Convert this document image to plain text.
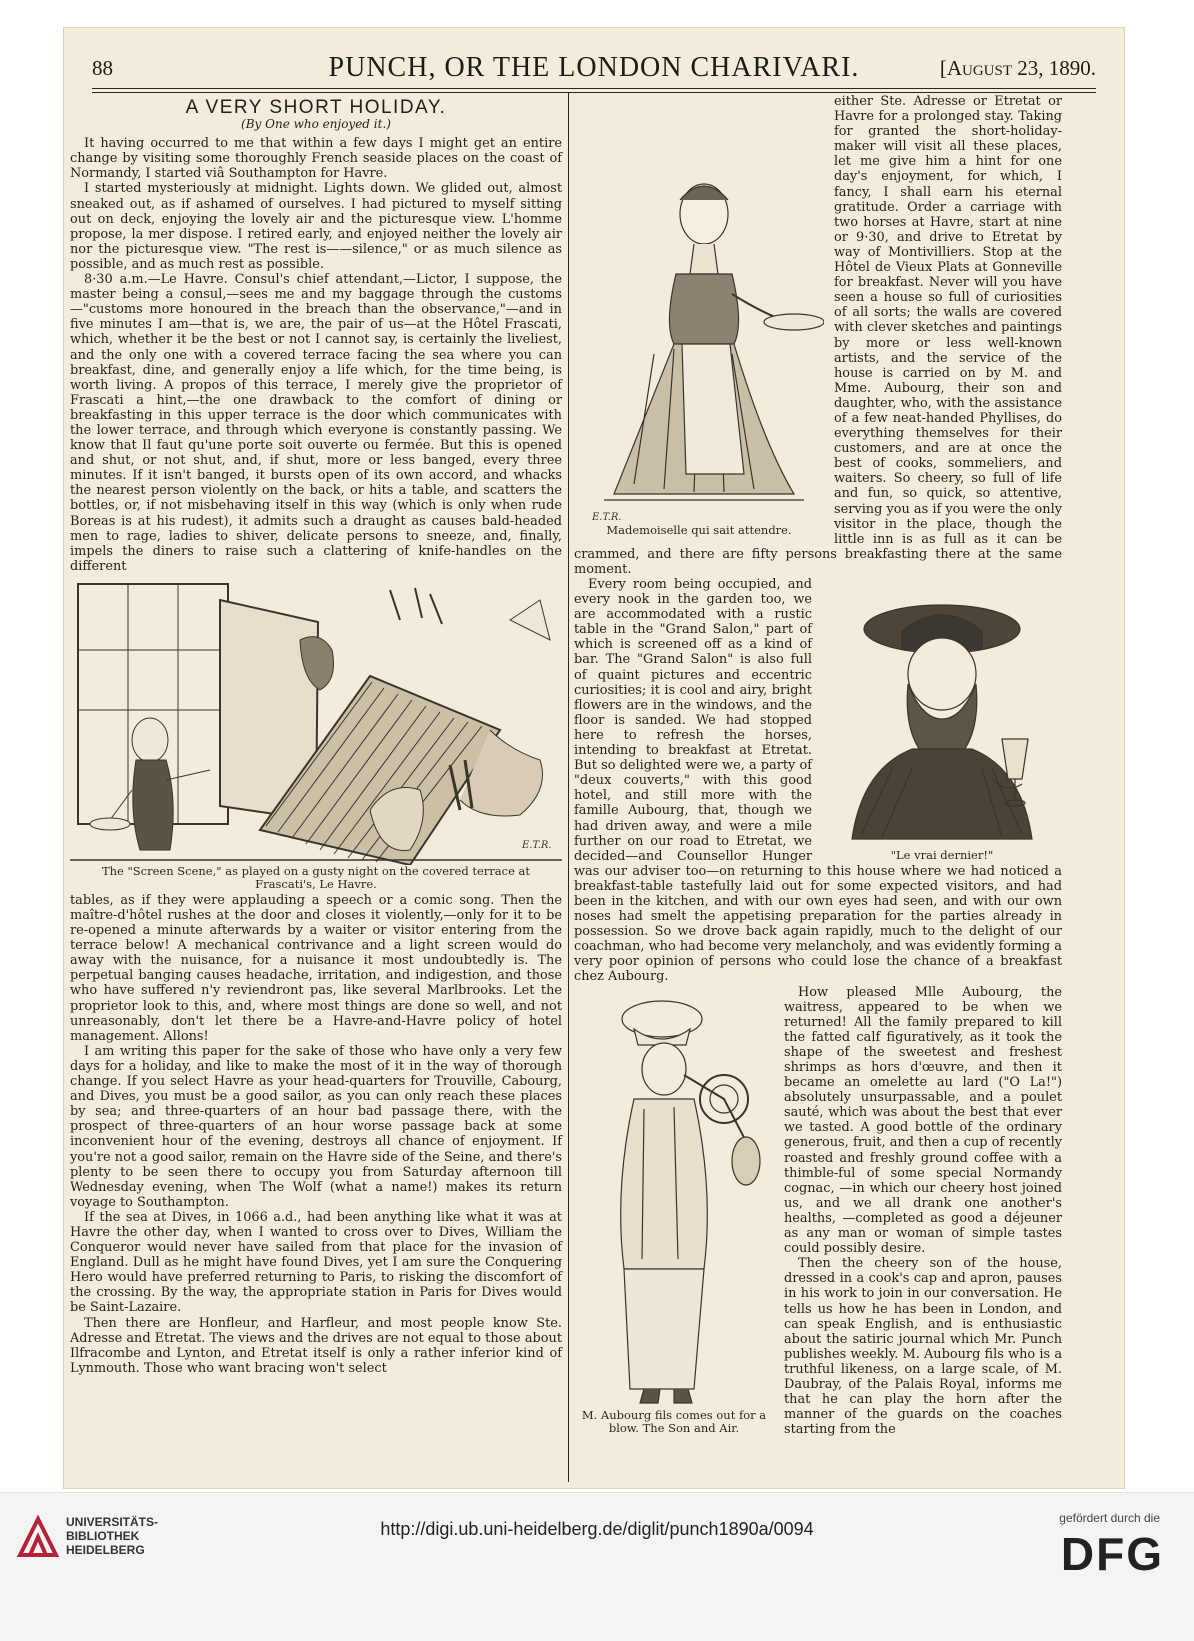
88	PUNCH, OR THE LONDON CHARIVARI.	[August 23, 1890.
A VERY SHORT HOLIDAY.
(By One who enjoyed it.)

It having occurred to me that within a few days I might get an entire change by visiting some thoroughly French seaside places on the coast of Normandy, I started viâ Southampton for Havre.

I started mysteriously at midnight. Lights down. We glided out, almost sneaked out, as if ashamed of ourselves. I had pictured to myself sitting out on deck, enjoying the lovely air and the picturesque view. L'homme propose, la mer dispose. I retired early, and enjoyed neither the lovely air nor the picturesque view. "The rest is——silence," or as much silence as possible, and as much rest as possible.

8·30 a.m.—Le Havre. Consul's chief attendant,—Lictor, I suppose, the master being a consul,—sees me and my baggage through the customs—"customs more honoured in the breach than the observance,"—and in five minutes I am—that is, we are, the pair of us—at the Hôtel Frascati, which, whether it be the best or not I cannot say, is certainly the liveliest, and the only one with a covered terrace facing the sea where you can breakfast, dine, and generally enjoy a life which, for the time being, is worth living. A propos of this terrace, I merely give the proprietor of Frascati a hint,—the one drawback to the comfort of dining or breakfasting in this upper terrace is the door which communicates with the lower terrace, and through which everyone is constantly passing. We know that Il faut qu'une porte soit ouverte ou fermée. But this is opened and shut, or not shut, and, if shut, more or less banged, every three minutes. If it isn't banged, it bursts open of its own accord, and whacks the nearest person violently on the back, or hits a table, and scatters the bottles, or, if not misbehaving itself in this way (which is only when rude Boreas is at his rudest), it admits such a draught as causes bald-headed men to rage, ladies to shiver, delicate persons to sneeze, and, finally, impels the diners to raise such a clattering of knife-handles on the different

E.T.R.
The "Screen Scene," as played on a gusty night on the covered terrace at Frascati's, Le Havre.

tables, as if they were applauding a speech or a comic song. Then the maître-d'hôtel rushes at the door and closes it violently,—only for it to be re-opened a minute afterwards by a waiter or visitor entering from the terrace below! A mechanical contrivance and a light screen would do away with the nuisance, for a nuisance it most undoubtedly is. The perpetual banging causes headache, irritation, and indigestion, and those who have suffered n'y reviendront pas, like several Marlbrooks. Let the proprietor look to this, and, where most things are done so well, and not unreasonably, don't let there be a Havre-and-Havre policy of hotel management. Allons!

I am writing this paper for the sake of those who have only a very few days for a holiday, and like to make the most of it in the way of thorough change. If you select Havre as your head-quarters for Trouville, Cabourg, and Dives, you must be a good sailor, as you can only reach these places by sea; and three-quarters of an hour bad passage there, with the prospect of three-quarters of an hour worse passage back at some inconvenient hour of the evening, destroys all chance of enjoyment. If you're not a good sailor, remain on the Havre side of the Seine, and there's plenty to be seen there to occupy you from Saturday afternoon till Wednesday evening, when The Wolf (what a name!) makes its return voyage to Southampton.

If the sea at Dives, in 1066 a.d., had been anything like what it was at Havre the other day, when I wanted to cross over to Dives, William the Conqueror would never have sailed from that place for the invasion of England. Dull as he might have found Dives, yet I am sure the Conquering Hero would have preferred returning to Paris, to risking the discomfort of the crossing. By the way, the appropriate station in Paris for Dives would be Saint-Lazaire.

Then there are Honfleur, and Harfleur, and most people know Ste. Adresse and Etretat. The views and the drives are not equal to those about Ilfracombe and Lynton, and Etretat itself is only a rather inferior kind of Lynmouth. Those who want bracing won't select

E.T.R.
Mademoiselle qui sait attendre.

either Ste. Adresse or Etretat or Havre for a prolonged stay. Taking for granted the short-holiday-maker will visit all these places, let me give him a hint for one day's enjoyment, for which, I fancy, I shall earn his eternal gratitude. Order a carriage with two horses at Havre, start at nine or 9·30, and drive to Etretat by way of Montivilliers. Stop at the Hôtel de Vieux Plats at Gonneville for breakfast. Never will you have seen a house so full of curiosities of all sorts; the walls are covered with clever sketches and paintings by more or less well-known artists, and the service of the house is carried on by M. and Mme. Aubourg, their son and daughter, who, with the assistance of a few neat-handed Phyllises, do everything themselves for their customers, and are at once the best of cooks, sommeliers, and waiters. So cheery, so full of life and fun, so quick, so attentive, serving you as if you were the only visitor in the place, though the little inn is as full as it can be crammed, and there are fifty persons breakfasting there at the same moment.

"Le vrai dernier!"

Every room being occupied, and every nook in the garden too, we are accommodated with a rustic table in the "Grand Salon," part of which is screened off as a kind of bar. The "Grand Salon" is also full of quaint pictures and eccentric curiosities; it is cool and airy, bright flowers are in the windows, and the floor is sanded. We had stopped here to refresh the horses, intending to breakfast at Etretat. But so delighted were we, a party of "deux couverts," with this good hotel, and still more with the famille Aubourg, that, though we had driven away, and were a mile further on our road to Etretat, we decided—and Counsellor Hunger was our adviser too—on returning to this house where we had noticed a breakfast-table tastefully laid out for some expected visitors, and had been in the kitchen, and with our own eyes had seen, and with our own noses had smelt the appetising preparation for the parties already in possession. So we drove back again rapidly, much to the delight of our coachman, who had become very melancholy, and was evidently forming a very poor opinion of persons who could lose the chance of a breakfast chez Aubourg.

M. Aubourg fils comes out for a blow. The Son and Air.

How pleased Mlle Aubourg, the waitress, appeared to be when we returned! All the family prepared to kill the fatted calf figuratively, as it took the shape of the sweetest and freshest shrimps as hors d'œuvre, and then it became an omelette au lard ("O La!") absolutely unsurpassable, and a poulet sauté, which was about the best that ever we tasted. A good bottle of the ordinary generous, fruit, and then a cup of recently roasted and freshly ground coffee with a thimble-ful of some special Normandy cognac, —in which our cheery host joined us, and we all drank one another's healths, —completed as good a déjeuner as any man or woman of simple tastes could possibly desire.

Then the cheery son of the house, dressed in a cook's cap and apron, pauses in his work to join in our conversation. He tells us how he has been in London, and can speak English, and is enthusiastic about the satiric journal which Mr. Punch publishes weekly. M. Aubourg fils who is a truthful likeness, on a large scale, of M. Daubray, of the Palais Royal, informs me that he can play the horn after the manner of the guards on the coaches starting from the

UNIVERSITÄTS-
BIBLIOTHEK
HEIDELBERG
http://digi.ub.uni-heidelberg.de/diglit/punch1890a/0094
gefördert durch die
DFG
